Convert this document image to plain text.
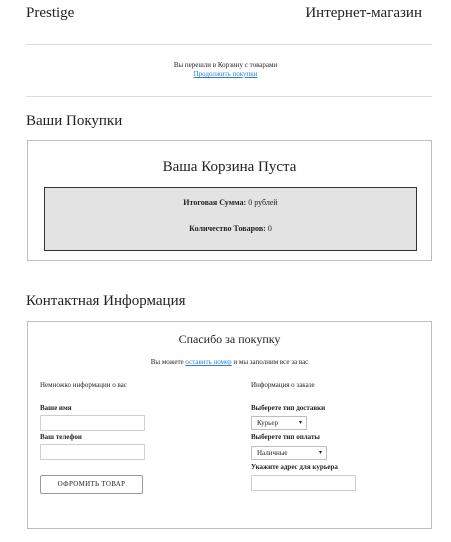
Prestige	Интернет-магазин
Вы перешли в Корзину с товарами
Продолжить покупки
Ваши Покупки
Ваша Корзина Пуста
Итоговая Сумма: 0 рублей
Количество Товаров: 0
Контактная Информация
Спасибо за покупку
Вы можете оставить номер и мы заполним все за вас
Немножко информации о вас	Информация о заказе
Ваше имя
Ваш телефон
ОФРОМИТЬ ТОВАР
Выберете тип доставки
Курьер	▾
Выберете тип оплаты
Наличные	▾
Укажите адрес для курьера
